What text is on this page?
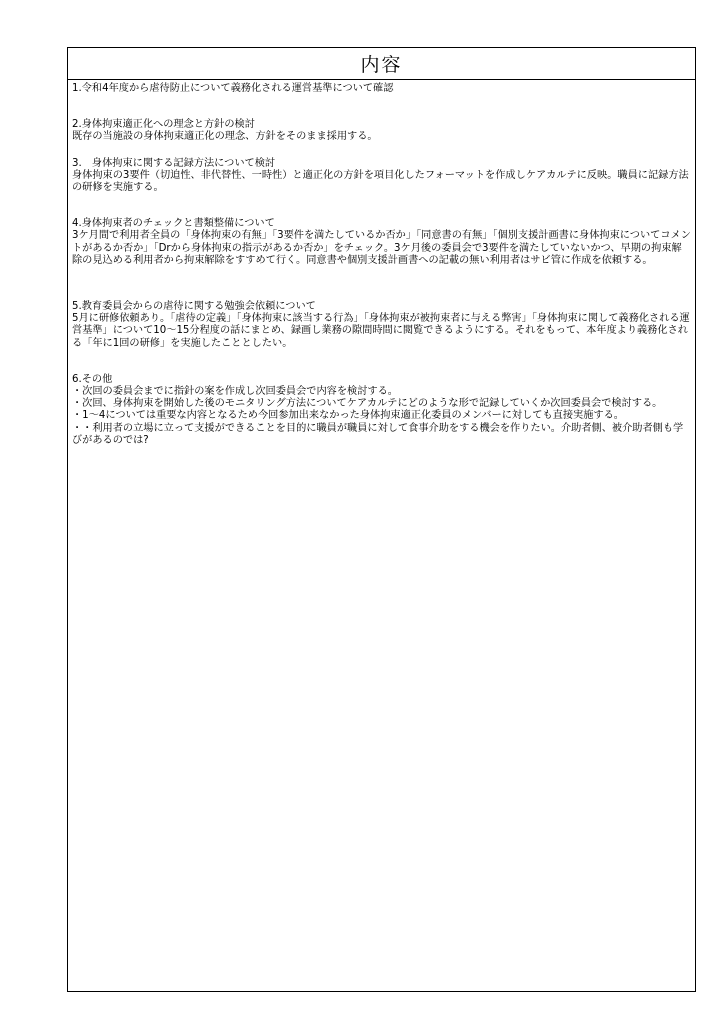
内容

1.令和4年度から虐待防止について義務化される運営基準について確認

2.身体拘束適正化への理念と方針の検討

既存の当施設の身体拘束適正化の理念、方針をそのまま採用する。

3.　身体拘束に関する記録方法について検討

身体拘束の3要件（切迫性、非代替性、一時性）と適正化の方針を項目化したフォーマットを作成しケアカルテに反映。職員に記録方法の研修を実施する。

4.身体拘束者のチェックと書類整備について

3ケ月間で利用者全員の「身体拘束の有無」「3要件を満たしているか否か」「同意書の有無」「個別支援計画書に身体拘束についてコメントがあるか否か」「Drから身体拘束の指示があるか否か」をチェック。3ケ月後の委員会で3要件を満たしていないかつ、早期の拘束解除の見込める利用者から拘束解除をすすめて行く。同意書や個別支援計画書への記載の無い利用者はサビ管に作成を依頼する。

5.教育委員会からの虐待に関する勉強会依頼について

5月に研修依頼あり。「虐待の定義」「身体拘束に該当する行為」「身体拘束が被拘束者に与える弊害」「身体拘束に関して義務化される運営基準」について10～15分程度の話にまとめ、録画し業務の隙間時間に閲覧できるようにする。それをもって、本年度より義務化される「年に1回の研修」を実施したこととしたい。

6.その他

・次回の委員会までに指針の案を作成し次回委員会で内容を検討する。

・次回、身体拘束を開始した後のモニタリング方法についてケアカルテにどのような形で記録していくか次回委員会で検討する。

・1～4については重要な内容となるため今回参加出来なかった身体拘束適正化委員のメンバーに対しても直接実施する。

・・利用者の立場に立って支援ができることを目的に職員が職員に対して食事介助をする機会を作りたい。介助者側、被介助者側も学びがあるのでは?
